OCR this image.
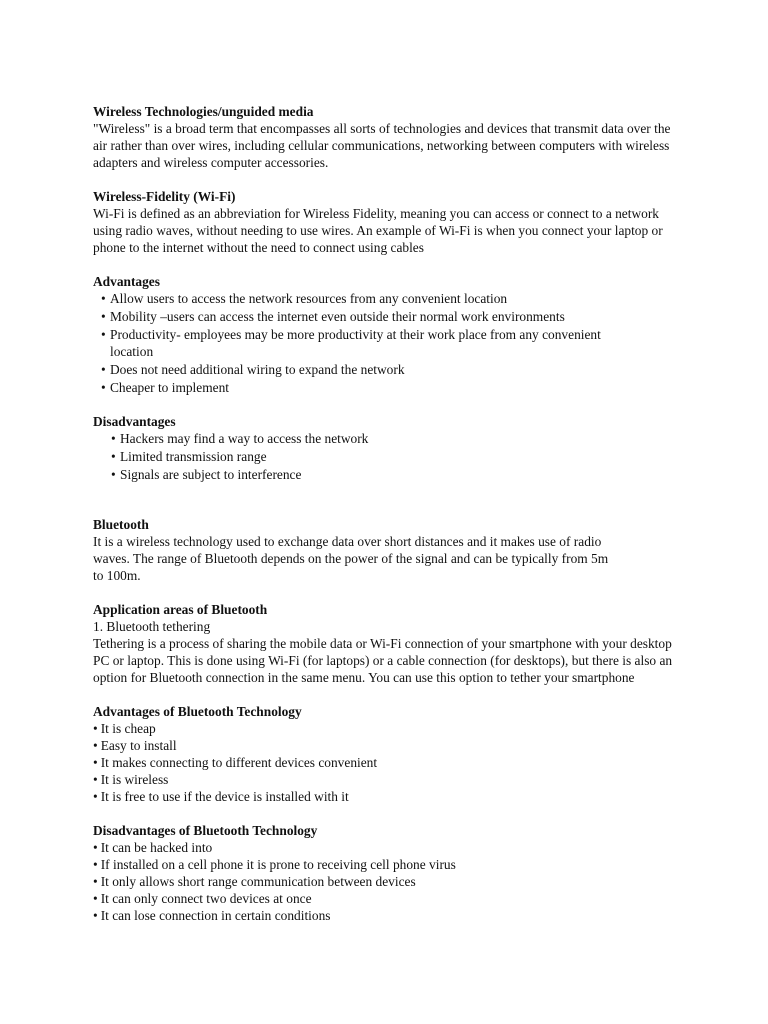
Wireless Technologies/unguided media

"Wireless" is a broad term that encompasses all sorts of technologies and devices that transmit data over the air rather than over wires, including cellular communications, networking between computers with wireless adapters and wireless computer accessories.

Wireless-Fidelity (Wi-Fi)

Wi-Fi is defined as an abbreviation for Wireless Fidelity, meaning you can access or connect to a network using radio waves, without needing to use wires. An example of Wi-Fi is when you connect your laptop or phone to the internet without the need to connect using cables

Advantages

• Allow users to access the network resources from any convenient location
• Mobility –users can access the internet even outside their normal work environments
• Productivity- employees may be more productivity at their work place from any convenient location
• Does not need additional wiring to expand the network
• Cheaper to implement

Disadvantages

• Hackers may find a way to access the network
• Limited transmission range
• Signals are subject to interference

Bluetooth

It is a wireless technology used to exchange data over short distances and it makes use of radio waves. The range of Bluetooth depends on the power of the signal and can be typically from 5m to 100m.

Application areas of Bluetooth

1. Bluetooth tethering

Tethering is a process of sharing the mobile data or Wi-Fi connection of your smartphone with your desktop PC or laptop. This is done using Wi-Fi (for laptops) or a cable connection (for desktops), but there is also an option for Bluetooth connection in the same menu. You can use this option to tether your smartphone

Advantages of Bluetooth Technology

• It is cheap
• Easy to install
• It makes connecting to different devices convenient
• It is wireless
• It is free to use if the device is installed with it

Disadvantages of Bluetooth Technology

• It can be hacked into
• If installed on a cell phone it is prone to receiving cell phone virus
• It only allows short range communication between devices
• It can only connect two devices at once
• It can lose connection in certain conditions
